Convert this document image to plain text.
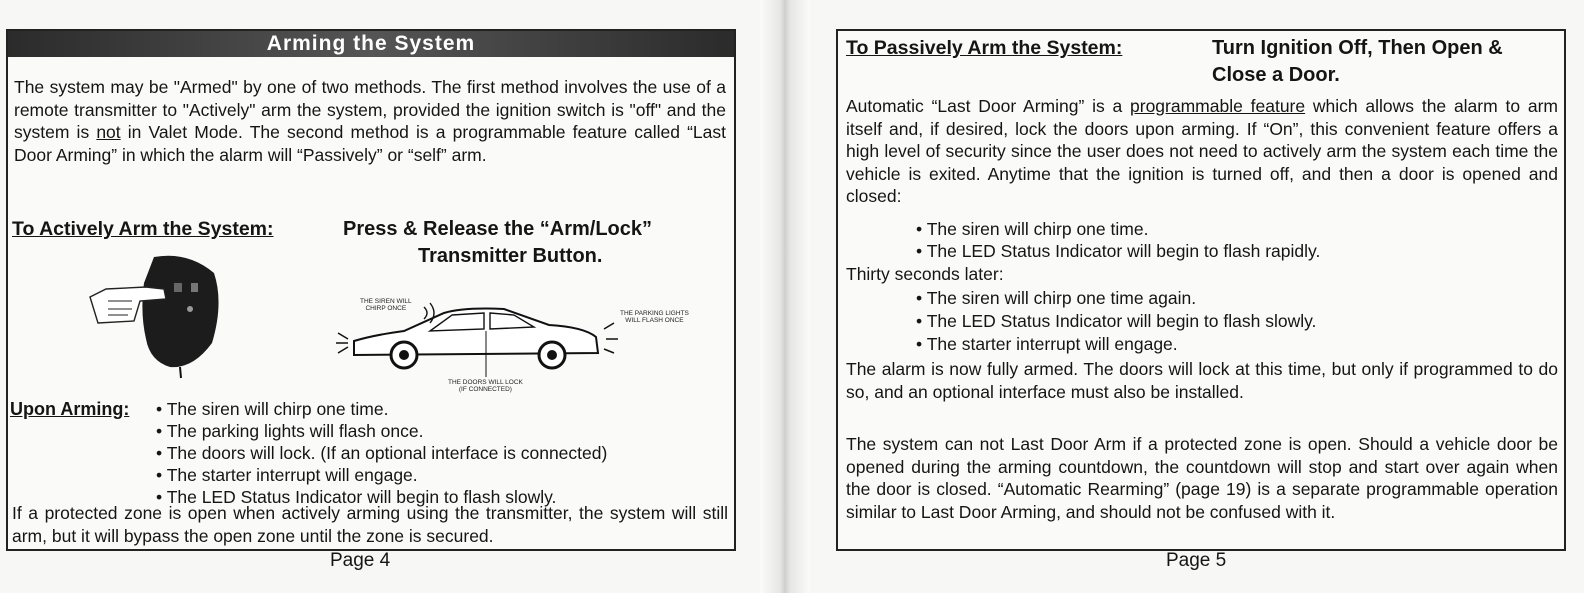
Arming the System
The system may be "Armed" by one of two methods. The first method involves the use of a remote transmitter to "Actively" arm the system, provided the ignition switch is "off" and the system is not in Valet Mode. The second method is a programmable feature called “Last Door Arming” in which the alarm will “Passively” or “self” arm.
To Actively Arm the System:	Press & Release the “Arm/Lock”
Transmitter Button.
THE SIREN WILL
CHIRP ONCE
THE PARKING LIGHTS
WILL FLASH ONCE
THE DOORS WILL LOCK
(IF CONNECTED)
Upon Arming: • The siren will chirp one time.
• The parking lights will flash once.
• The doors will lock. (If an optional interface is connected)
• The starter interrupt will engage.
• The LED Status Indicator will begin to flash slowly.
If a protected zone is open when actively arming using the transmitter, the system will still arm, but it will bypass the open zone until the zone is secured.
Page 4
To Passively Arm the System:	Turn Ignition Off, Then Open &
Close a Door.
Automatic “Last Door Arming” is a programmable feature which allows the alarm to arm itself and, if desired, lock the doors upon arming. If “On”, this convenient feature offers a high level of security since the user does not need to actively arm the system each time the vehicle is exited. Anytime that the ignition is turned off, and then a door is opened and closed:
• The siren will chirp one time.
• The LED Status Indicator will begin to flash rapidly.
Thirty seconds later:
• The siren will chirp one time again.
• The LED Status Indicator will begin to flash slowly.
• The starter interrupt will engage.
The alarm is now fully armed. The doors will lock at this time, but only if programmed to do so, and an optional interface must also be installed.
The system can not Last Door Arm if a protected zone is open. Should a vehicle door be opened during the arming countdown, the countdown will stop and start over again when the door is closed. “Automatic Rearming” (page 19) is a separate programmable operation similar to Last Door Arming, and should not be confused with it.
Page 5
